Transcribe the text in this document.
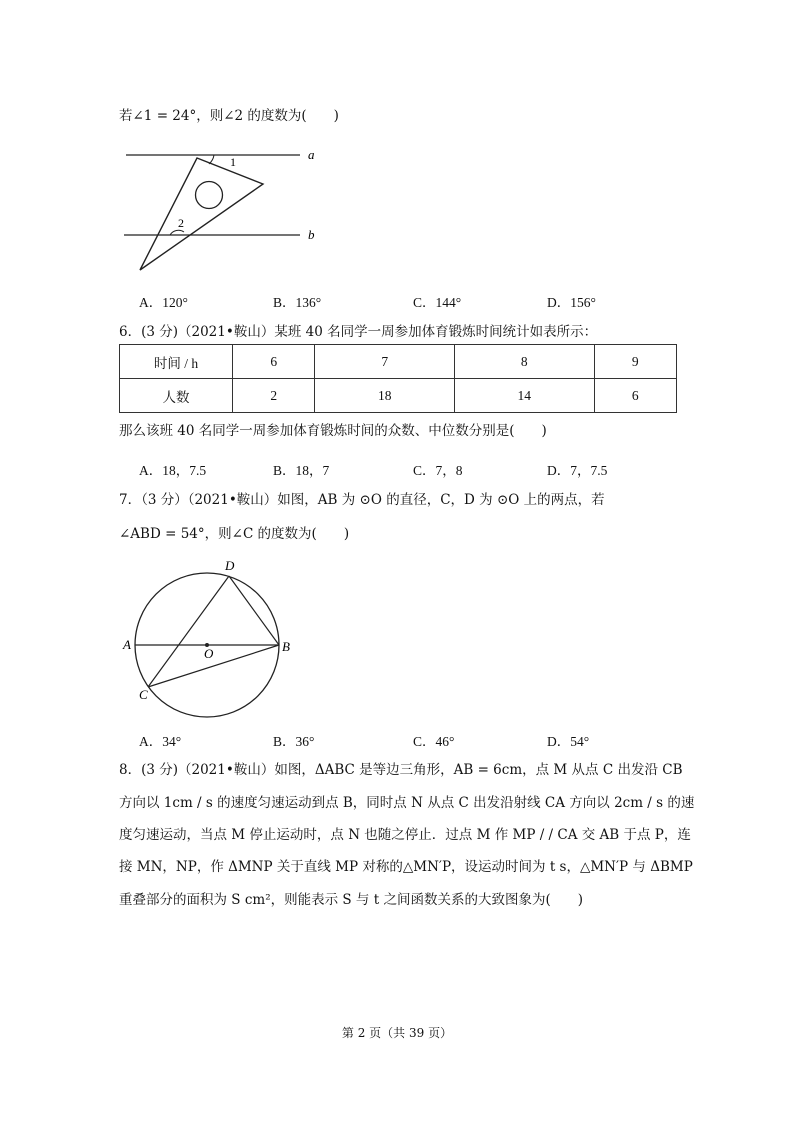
若∠1 = 24°，则∠2 的度数为(　　)
a
b
1
2
A．120°	B．136°	C．144°	D．156°
6．(3 分)（2021•鞍山）某班 40 名同学一周参加体育锻炼时间统计如表所示：
时间 / h	6	7	8	9
人数	2	18	14	6
那么该班 40 名同学一周参加体育锻炼时间的众数、中位数分别是(　　)
A．18，7.5	B．18，7	C．7，8	D．7，7.5
7．（3 分）（2021•鞍山）如图，AB 为 ⊙O 的直径，C，D 为 ⊙O 上的两点，若
∠ABD = 54°，则∠C 的度数为(　　)
A	B
C
D
O
A．34°	B．36°	C．46°	D．54°
8．(3 分)（2021•鞍山）如图，ΔABC 是等边三角形，AB = 6cm，点 M 从点 C 出发沿 CB
方向以 1cm / s 的速度匀速运动到点 B，同时点 N 从点 C 出发沿射线 CA 方向以 2cm / s 的速
度匀速运动，当点 M 停止运动时，点 N 也随之停止．过点 M 作 MP / / CA 交 AB 于点 P，连
接 MN，NP，作 ΔMNP 关于直线 MP 对称的△MN′P，设运动时间为 t s，△MN′P 与 ΔBMP
重叠部分的面积为 S cm²，则能表示 S 与 t 之间函数关系的大致图象为(　　)
第 2 页（共 39 页）
